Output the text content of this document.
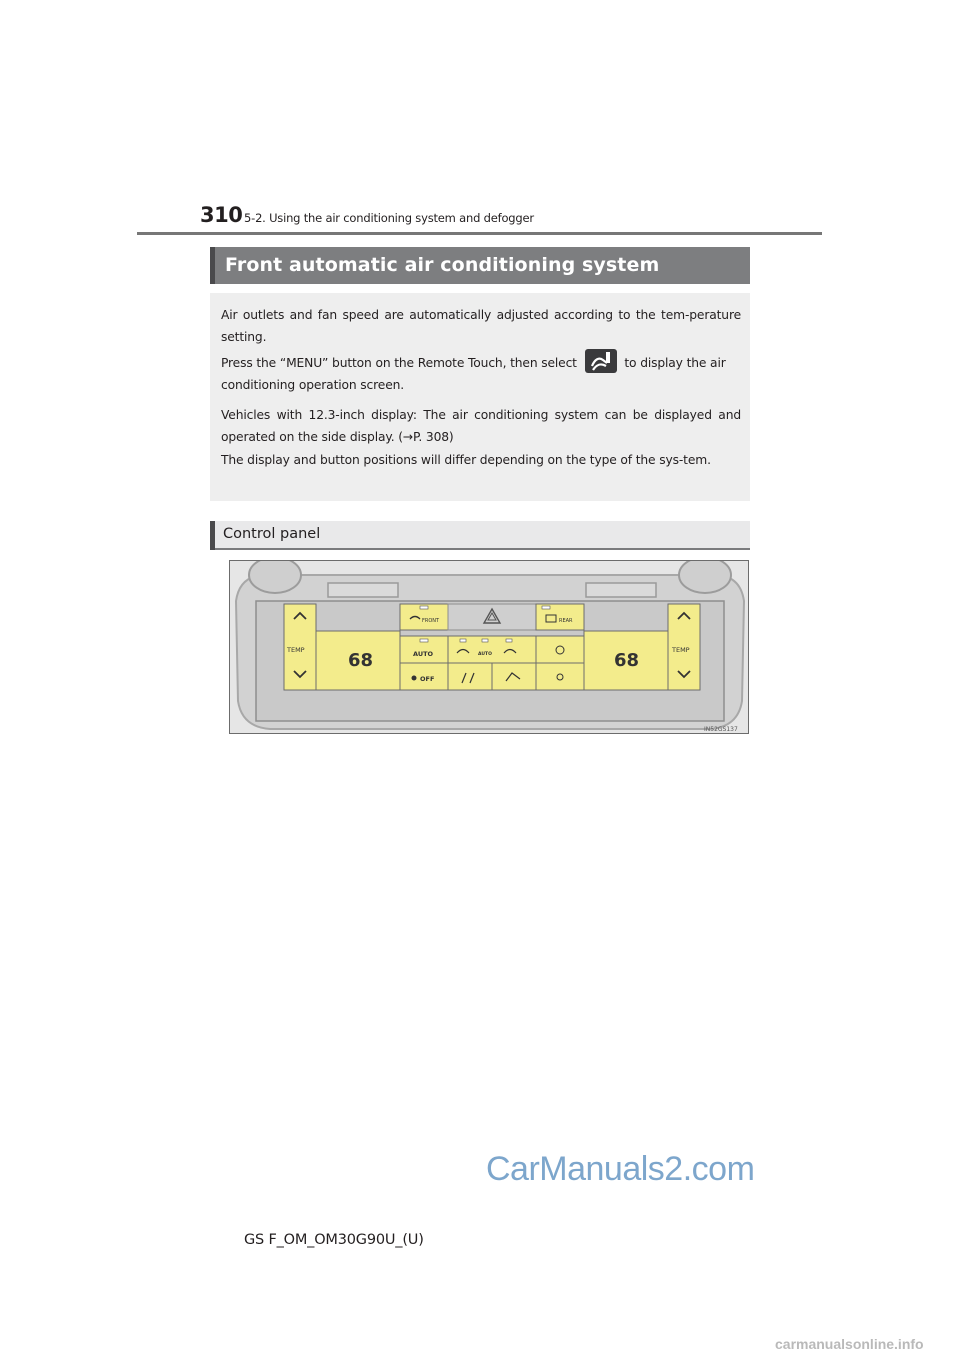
310 5-2. Using the air conditioning system and defogger
Front automatic air conditioning system

Air outlets and fan speed are automatically adjusted according to the tem-perature setting.

Press the “MENU” button on the Remote Touch, then select	to display the air conditioning operation screen.

Vehicles with 12.3-inch display: The air conditioning system can be displayed and operated on the side display. (→P. 308)

The display and button positions will differ depending on the type of the sys-tem.

Control panel
TEMP 68	TEMP
68
FRONT	REAR
AUTO	AUTO
OFF
IN52GS137
CarManuals2.com
GS F_OM_OM30G90U_(U)
carmanualsonline.info
